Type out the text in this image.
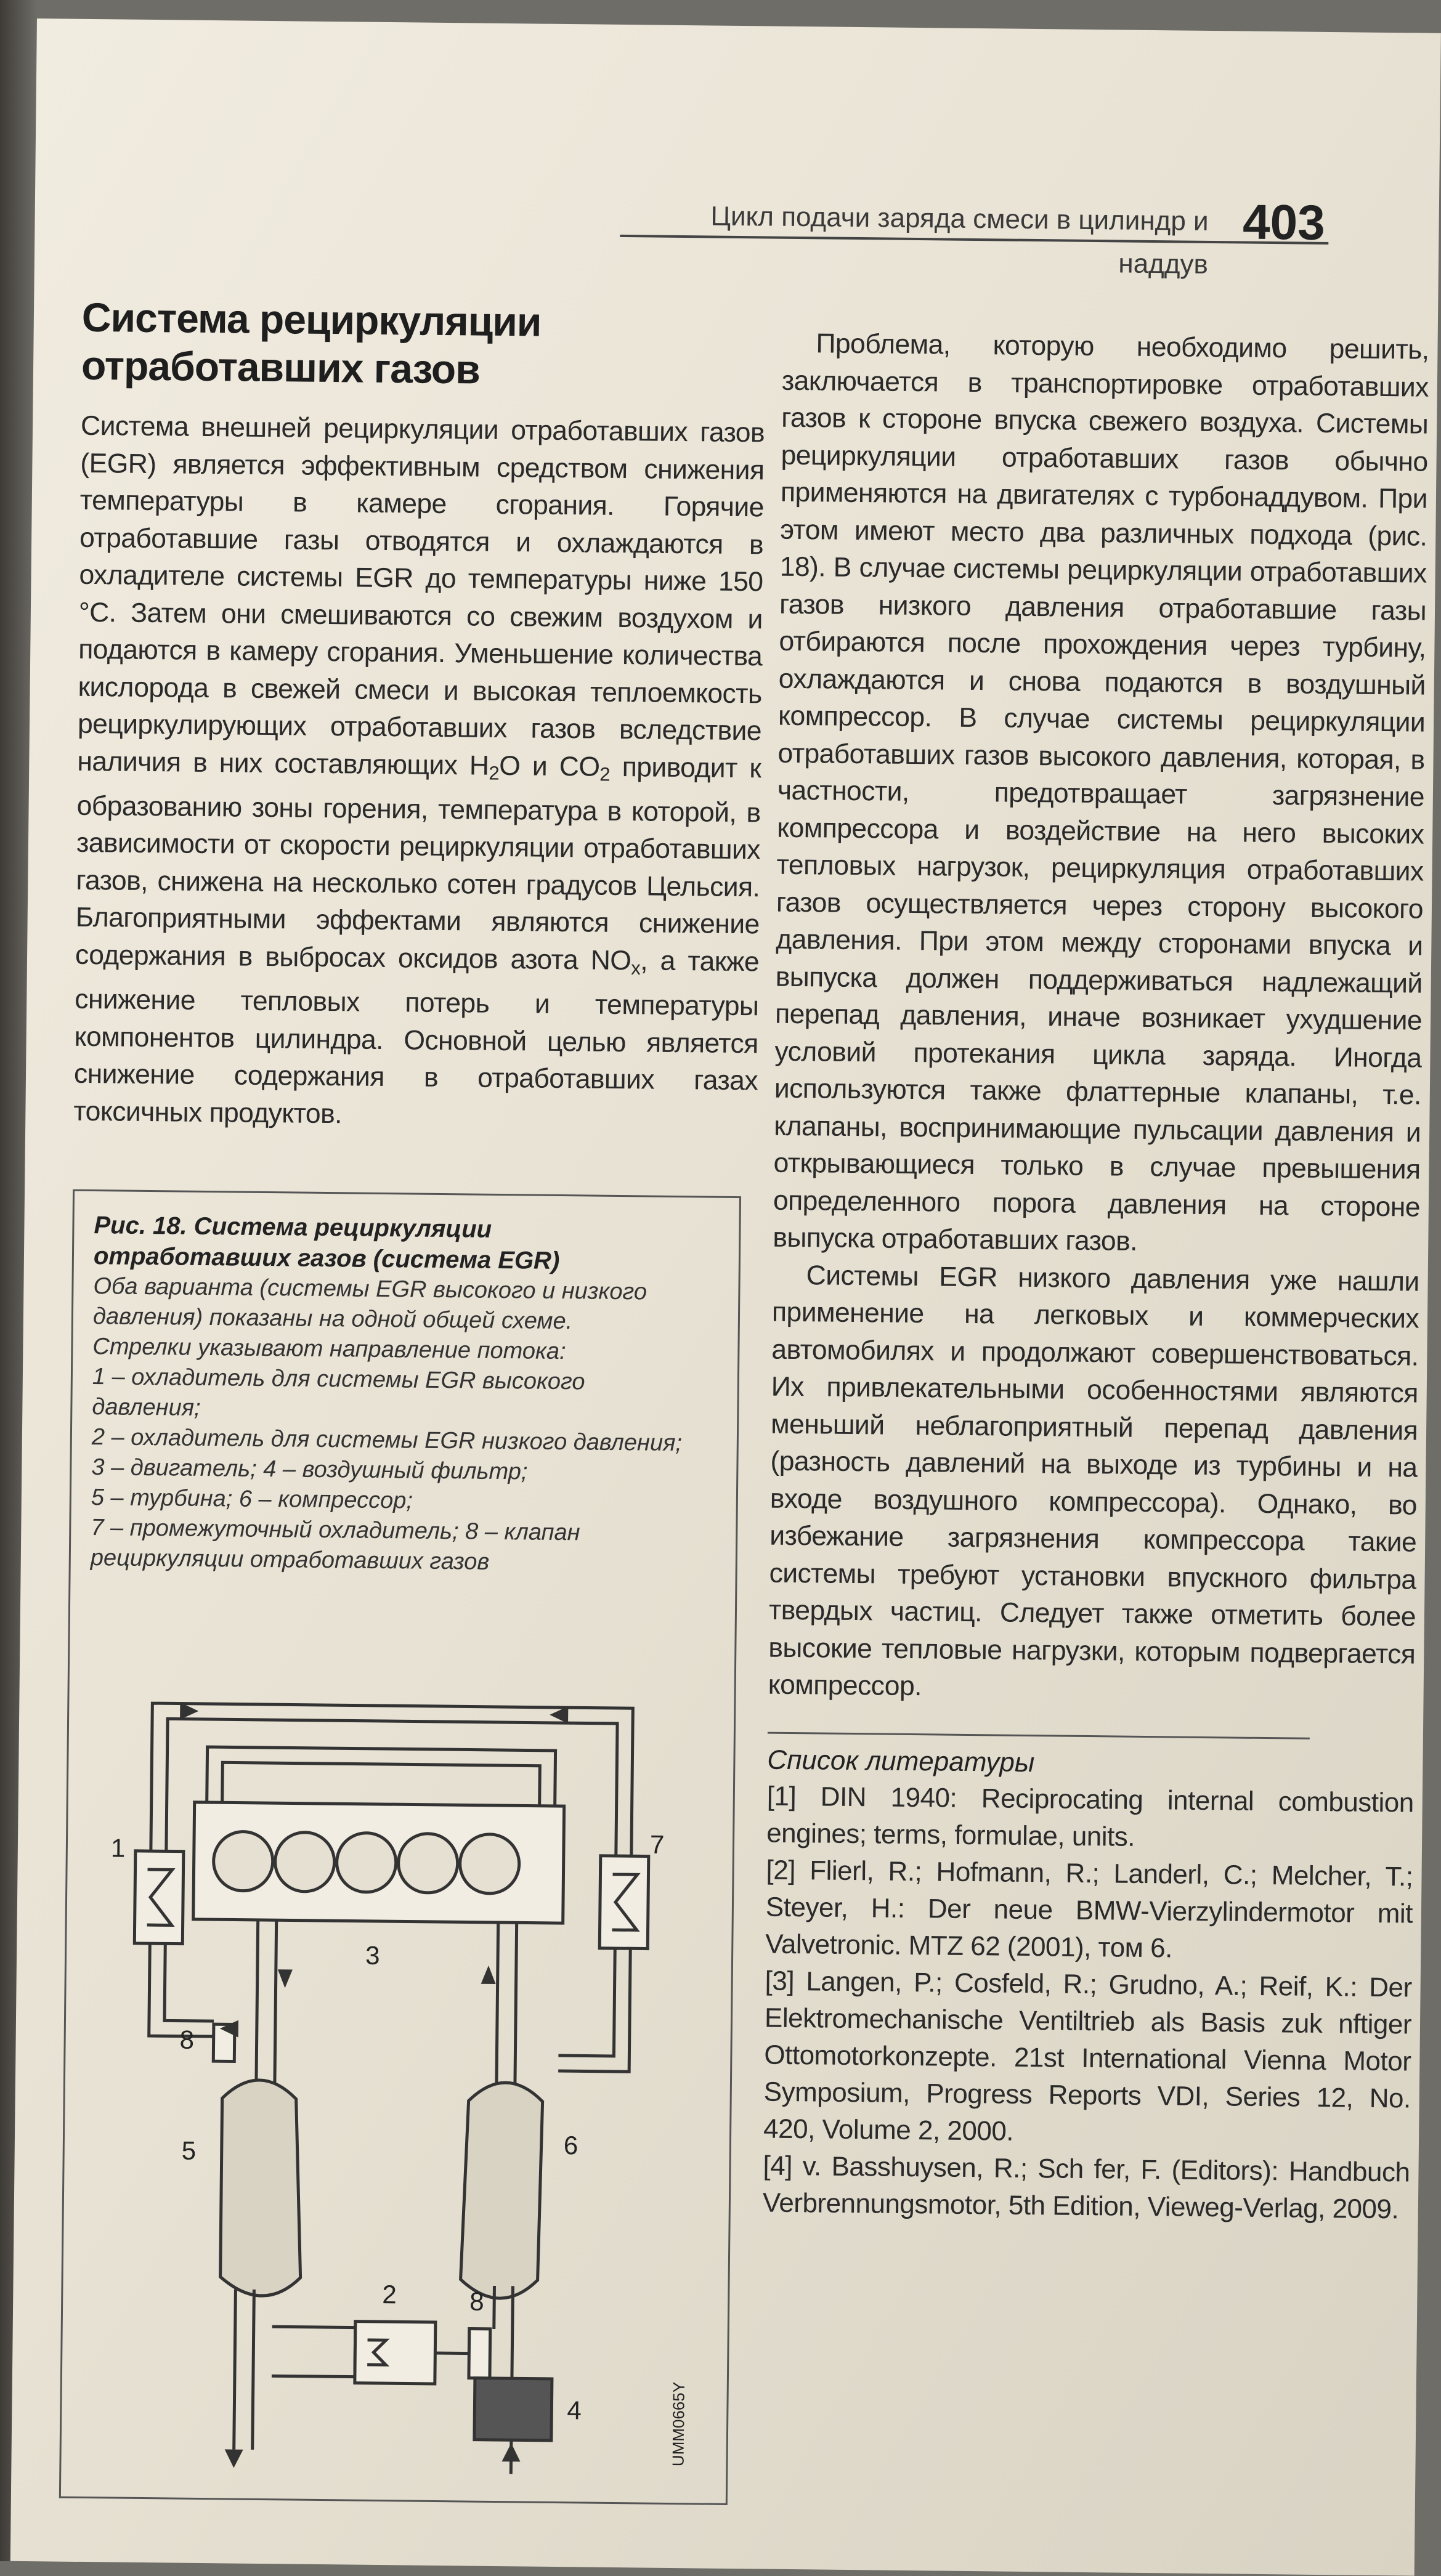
Цикл подачи заряда смеси в цилиндр и наддув
403
Система рециркуляции
отработавших газов

Система внешней рециркуляции отработавших газов (EGR) является эффективным средством снижения температуры в камере сгорания. Горячие отработавшие газы отводятся и охлаждаются в охладителе системы EGR до температуры ниже 150 °C. Затем они смешиваются со свежим воздухом и подаются в камеру сгорания. Уменьшение количества кислорода в свежей смеси и высокая теплоемкость рециркулирующих отработавших газов вследствие наличия в них составляющих $H_2O$ и $CO_2$ приводит к образованию зоны горения, температура в которой, в зависимости от скорости рециркуляции отработавших газов, снижена на несколько сотен градусов Цельсия. Благоприятными эффектами являются снижение содержания в выбросах оксидов азота $NO_x$, а также снижение тепловых потерь и температуры компонентов цилиндра. Основной целью является снижение содержания в отработавших газах токсичных продуктов.

Рис. 18. Система рециркуляции
отработавших газов (система EGR)
Оба варианта (системы EGR высокого и низкого
давления) показаны на одной общей схеме.
Стрелки указывают направление потока:
1 – охладитель для системы EGR высокого
давления;
2 – охладитель для системы EGR низкого давления;
3 – двигатель; 4 – воздушный фильтр;
5 – турбина; 6 – компрессор;
7 – промежуточный охладитель; 8 – клапан
рециркуляции отработавших газов
1
2
3
4
5	6
7
8
8
UMM0665Y

Проблема, которую необходимо решить, заключается в транспортировке отработавших газов к стороне впуска свежего воздуха. Системы рециркуляции отработавших газов обычно применяются на двигателях с турбонаддувом. При этом имеют место два различных подхода (рис. 18). В случае системы рециркуляции отработавших газов низкого давления отработавшие газы отбираются после прохождения через турбину, охлаждаются и снова подаются в воздушный компрессор. В случае системы рециркуляции отработавших газов высокого давления, которая, в частности, предотвращает загрязнение компрессора и воздействие на него высоких тепловых нагрузок, рециркуляция отработавших газов осуществляется через сторону высокого давления. При этом между сторонами впуска и выпуска должен поддерживаться надлежащий перепад давления, иначе возникает ухудшение условий протекания цикла заряда. Иногда используются также флаттерные клапаны, т.е. клапаны, воспринимающие пульсации давления и открывающиеся только в случае превышения определенного порога давления на стороне выпуска отработавших газов.

Системы EGR низкого давления уже нашли применение на легковых и коммерческих автомобилях и продолжают совершенствоваться. Их привлекательными особенностями являются меньший неблагоприятный перепад давления (разность давлений на выходе из турбины и на входе воздушного компрессора). Однако, во избежание загрязнения компрессора такие системы требуют установки впускного фильтра твердых частиц. Следует также отметить более высокие тепловые нагрузки, которым подвергается компрессор.

Список литературы

[1] DIN 1940: Reciprocating internal combustion engines; terms, formulae, units.

[2] Flierl, R.; Hofmann, R.; Landerl, C.; Melcher, T.; Steyer, H.: Der neue BMW-Vierzylindermotor mit Valvetronic. MTZ 62 (2001), том 6.

[3] Langen, P.; Cosfeld, R.; Grudno, A.; Reif, K.: Der Elektromechanische Ventiltrieb als Basis zuk nftiger Ottomotorkonzepte. 21st International Vienna Motor Symposium, Progress Reports VDI, Series 12, No. 420, Volume 2, 2000.

[4] v. Basshuysen, R.; Sch fer, F. (Editors): Handbuch Verbrennungsmotor, 5th Edition, Vieweg-Verlag, 2009.
